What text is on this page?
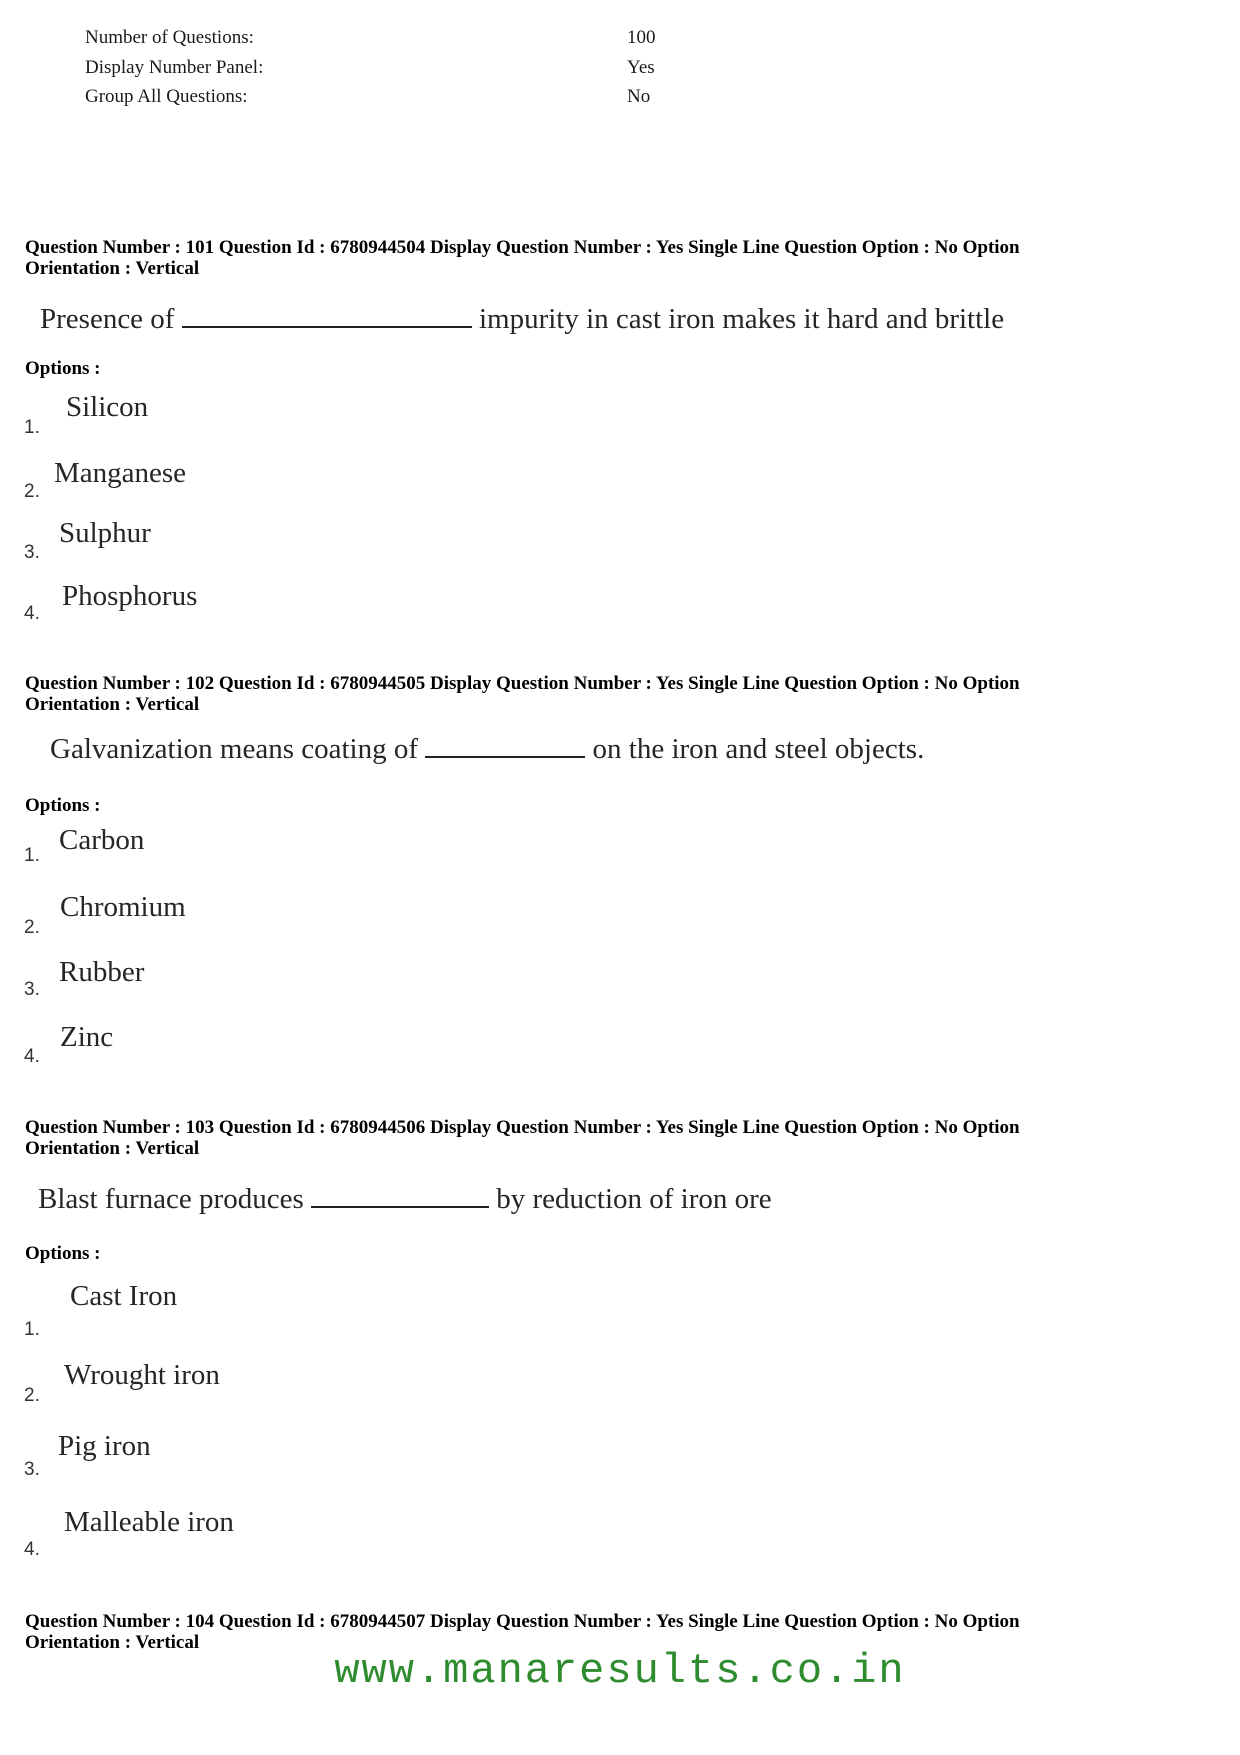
Number of Questions:	100
Display Number Panel:	Yes
Group All Questions:	No
Question Number : 101 Question Id : 6780944504 Display Question Number : Yes Single Line Question Option : No Option
Orientation : Vertical
Presence of	impurity in cast iron makes it hard and brittle
Options :
1.
Silicon
2.
Manganese
3.
Sulphur
4.
Phosphorus
Question Number : 102 Question Id : 6780944505 Display Question Number : Yes Single Line Question Option : No Option
Orientation : Vertical
Galvanization means coating of	on the iron and steel objects.
Options :
1. Carbon
2.
Chromium
3.
Rubber
4.
Zinc
Question Number : 103 Question Id : 6780944506 Display Question Number : Yes Single Line Question Option : No Option
Orientation : Vertical
Blast furnace produces	by reduction of iron ore
Options :
1.
Cast Iron
2.
Wrought iron
3.
Pig iron
4.
Malleable iron
Question Number : 104 Question Id : 6780944507 Display Question Number : Yes Single Line Question Option : No Option
Orientation : Vertical
www.manaresults.co.in
